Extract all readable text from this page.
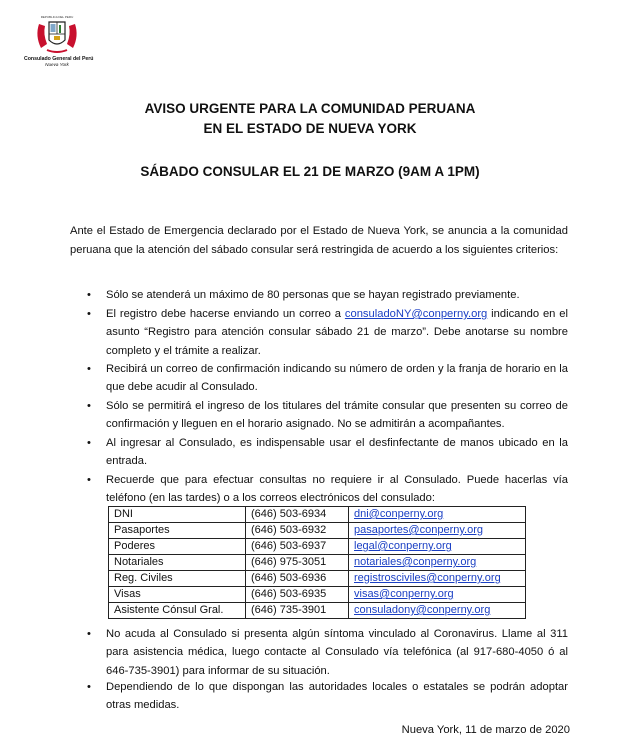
REPUBLICA DEL PERU
Consulado General del Perú
Nueva York
AVISO URGENTE PARA LA COMUNIDAD PERUANA
EN EL ESTADO DE NUEVA YORK
SÁBADO CONSULAR EL 21 DE MARZO (9AM A 1PM)
Ante el Estado de Emergencia declarado por el Estado de Nueva York, se anuncia a la comunidad peruana que la atención del sábado consular será restringida de acuerdo a los siguientes criterios:
• Sólo se atenderá un máximo de 80 personas que se hayan registrado previamente.
• El registro debe hacerse enviando un correo a consuladoNY@conperny.org indicando en el asunto “Registro para atención consular sábado 21 de marzo”. Debe anotarse su nombre completo y el trámite a realizar.
• Recibirá un correo de confirmación indicando su número de orden y la franja de horario en la que debe acudir al Consulado.
• Sólo se permitirá el ingreso de los titulares del trámite consular que presenten su correo de confirmación y lleguen en el horario asignado. No se admitirán a acompañantes.
• Al ingresar al Consulado, es indispensable usar el desfinfectante de manos ubicado en la entrada.
• Recuerde que para efectuar consultas no requiere ir al Consulado. Puede hacerlas vía teléfono (en las tardes) o a los correos electrónicos del consulado:
DNI	(646) 503-6934	dni@conperny.org
Pasaportes	(646) 503-6932	pasaportes@conperny.org
Poderes	(646) 503-6937	legal@conperny.org
Notariales	(646) 975-3051	notariales@conperny.org
Reg. Civiles	(646) 503-6936	registrosciviles@conperny.org
Visas	(646) 503-6935	visas@conperny.org
Asistente Cónsul Gral.	(646) 735-3901	consuladony@conperny.org
• No acuda al Consulado si presenta algún síntoma vinculado al Coronavirus. Llame al 311 para asistencia médica, luego contacte al Consulado vía telefónica (al 917-680-4050 ó al 646-735-3901) para informar de su situación.
• Dependiendo de lo que dispongan las autoridades locales o estatales se podrán adoptar otras medidas.
Nueva York, 11 de marzo de 2020
